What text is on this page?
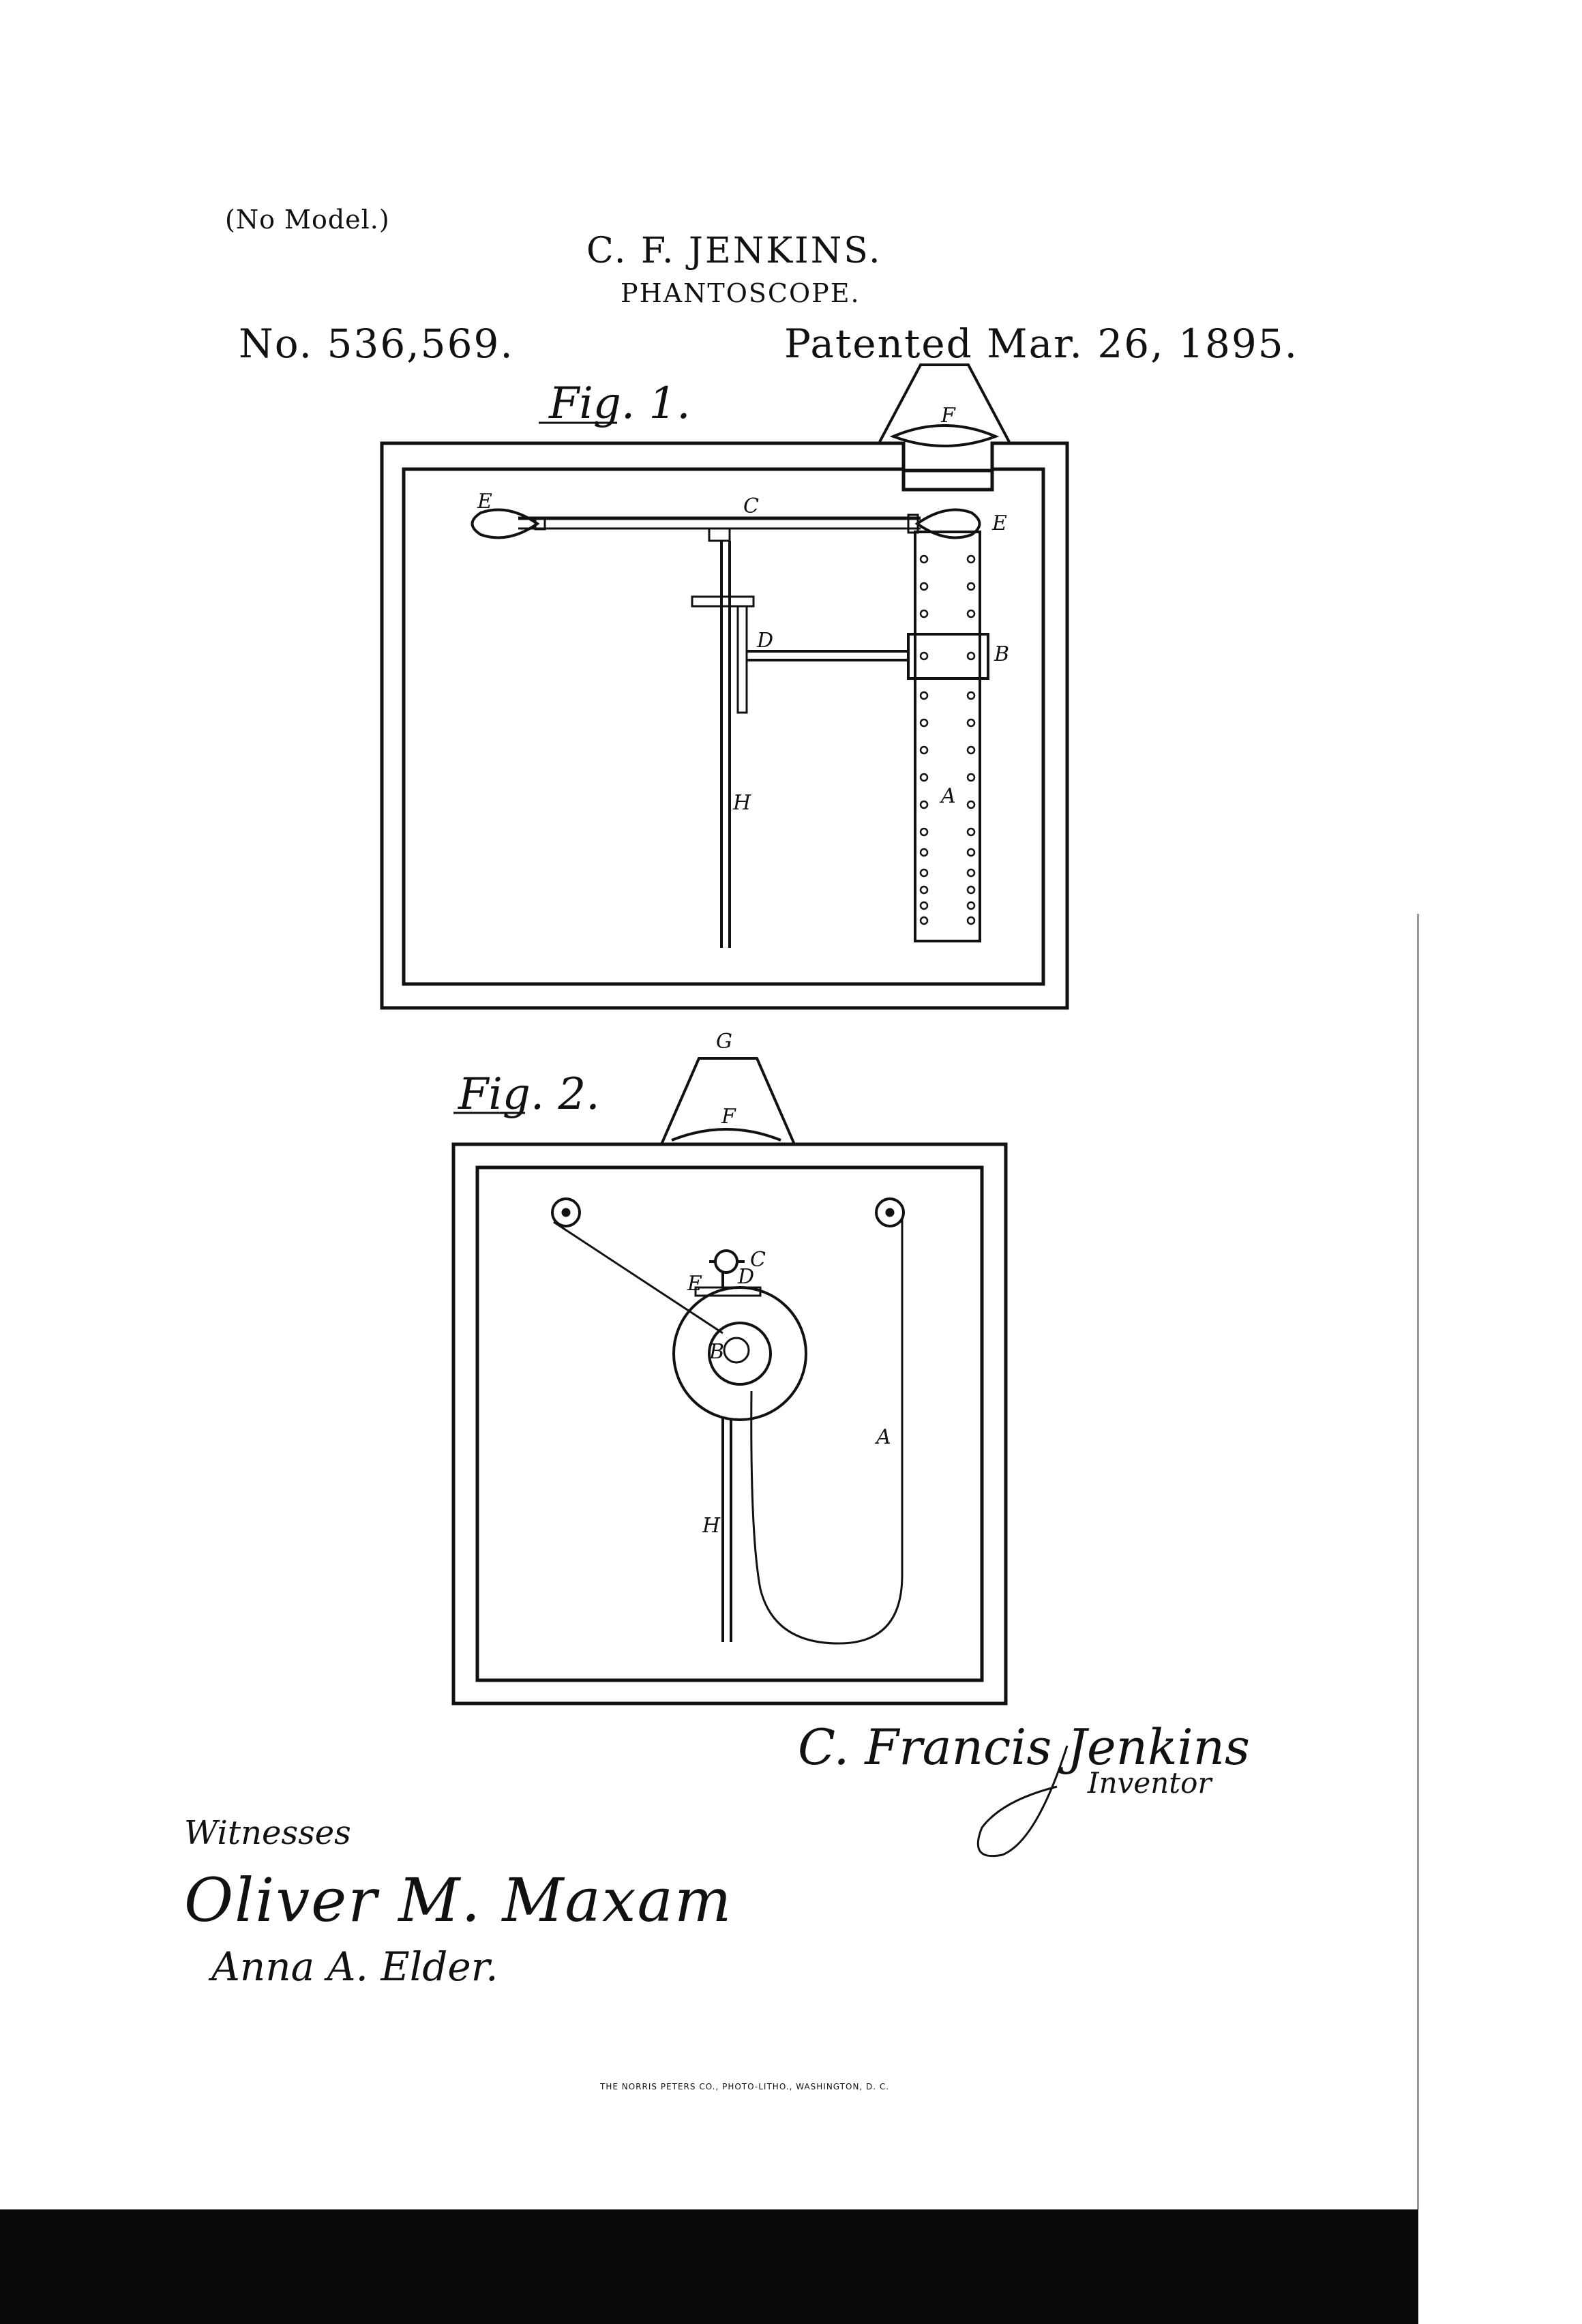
(No Model.)
C. F. JENKINS.
PHANTOSCOPE.
No. 536,569.	Patented Mar. 26, 1895.
Fig. 1.
Fig. 2.
E	C
E
F
D
B
A
H
G
F
C
E D
B
A
H
C. Francis Jenkins
Inventor
Witnesses
Oliver M. Maxam
Anna A. Elder.
THE NORRIS PETERS CO., PHOTO-LITHO., WASHINGTON, D. C.
